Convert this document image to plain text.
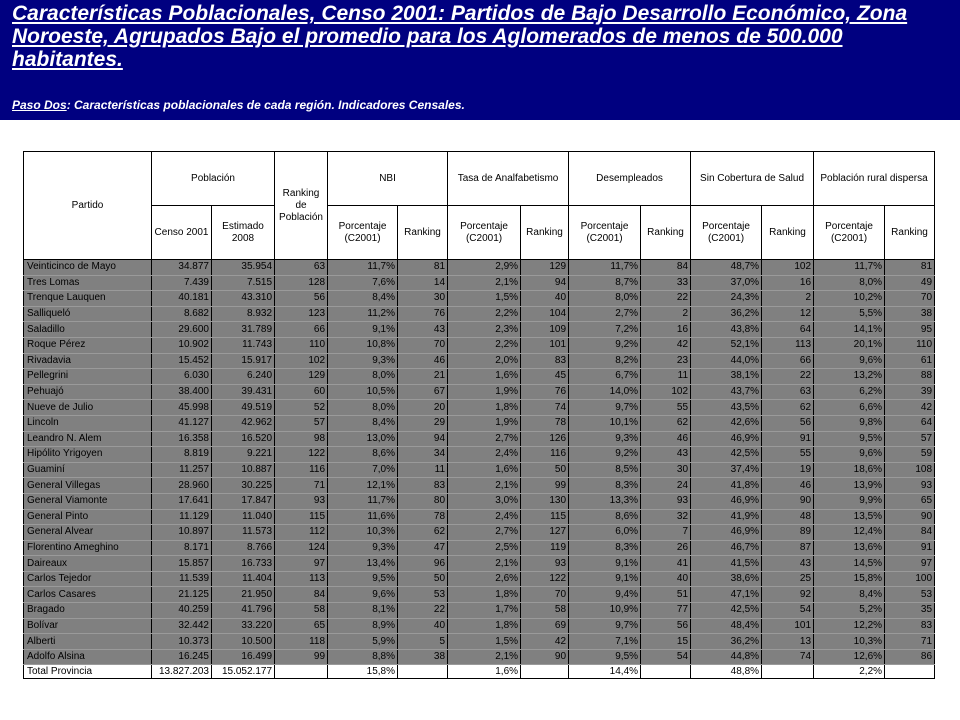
Características Poblacionales, Censo 2001: Partidos de Bajo Desarrollo Económico, Zona Noroeste, Agrupados Bajo el promedio para los Aglomerados de menos de 500.000 habitantes.

Paso Dos: Características poblacionales de cada región. Indicadores Censales.

Partido	Población		Ranking de Población	NBI		Tasa de Analfabetismo		Desempleados		Sin Cobertura de Salud		Población rural dispersa	
	Censo 2001	Estimado 2008		Porcentaje (C2001)	Ranking	Porcentaje (C2001)	Ranking	Porcentaje (C2001)	Ranking	Porcentaje (C2001)	Ranking	Porcentaje (C2001)	Ranking
Veinticinco de Mayo	34.877	35.954	63	11,7%	81	2,9%	129	11,7%	84	48,7%	102	11,7%	81
Tres Lomas	7.439	7.515	128	7,6%	14	2,1%	94	8,7%	33	37,0%	16	8,0%	49
Trenque Lauquen	40.181	43.310	56	8,4%	30	1,5%	40	8,0%	22	24,3%	2	10,2%	70
Salliqueló	8.682	8.932	123	11,2%	76	2,2%	104	2,7%	2	36,2%	12	5,5%	38
Saladillo	29.600	31.789	66	9,1%	43	2,3%	109	7,2%	16	43,8%	64	14,1%	95
Roque Pérez	10.902	11.743	110	10,8%	70	2,2%	101	9,2%	42	52,1%	113	20,1%	110
Rivadavia	15.452	15.917	102	9,3%	46	2,0%	83	8,2%	23	44,0%	66	9,6%	61
Pellegrini	6.030	6.240	129	8,0%	21	1,6%	45	6,7%	11	38,1%	22	13,2%	88
Pehuajó	38.400	39.431	60	10,5%	67	1,9%	76	14,0%	102	43,7%	63	6,2%	39
Nueve de Julio	45.998	49.519	52	8,0%	20	1,8%	74	9,7%	55	43,5%	62	6,6%	42
Lincoln	41.127	42.962	57	8,4%	29	1,9%	78	10,1%	62	42,6%	56	9,8%	64
Leandro N. Alem	16.358	16.520	98	13,0%	94	2,7%	126	9,3%	46	46,9%	91	9,5%	57
Hipólito Yrigoyen	8.819	9.221	122	8,6%	34	2,4%	116	9,2%	43	42,5%	55	9,6%	59
Guaminí	11.257	10.887	116	7,0%	11	1,6%	50	8,5%	30	37,4%	19	18,6%	108
General Villegas	28.960	30.225	71	12,1%	83	2,1%	99	8,3%	24	41,8%	46	13,9%	93
General Viamonte	17.641	17.847	93	11,7%	80	3,0%	130	13,3%	93	46,9%	90	9,9%	65
General Pinto	11.129	11.040	115	11,6%	78	2,4%	115	8,6%	32	41,9%	48	13,5%	90
General Alvear	10.897	11.573	112	10,3%	62	2,7%	127	6,0%	7	46,9%	89	12,4%	84
Florentino Ameghino	8.171	8.766	124	9,3%	47	2,5%	119	8,3%	26	46,7%	87	13,6%	91
Daireaux	15.857	16.733	97	13,4%	96	2,1%	93	9,1%	41	41,5%	43	14,5%	97
Carlos Tejedor	11.539	11.404	113	9,5%	50	2,6%	122	9,1%	40	38,6%	25	15,8%	100
Carlos Casares	21.125	21.950	84	9,6%	53	1,8%	70	9,4%	51	47,1%	92	8,4%	53
Bragado	40.259	41.796	58	8,1%	22	1,7%	58	10,9%	77	42,5%	54	5,2%	35
Bolívar	32.442	33.220	65	8,9%	40	1,8%	69	9,7%	56	48,4%	101	12,2%	83
Alberti	10.373	10.500	118	5,9%	5	1,5%	42	7,1%	15	36,2%	13	10,3%	71
Adolfo Alsina	16.245	16.499	99	8,8%	38	2,1%	90	9,5%	54	44,8%	74	12,6%	86
Total Provincia	13.827.203	15.052.177		15,8%		1,6%		14,4%		48,8%		2,2%	
